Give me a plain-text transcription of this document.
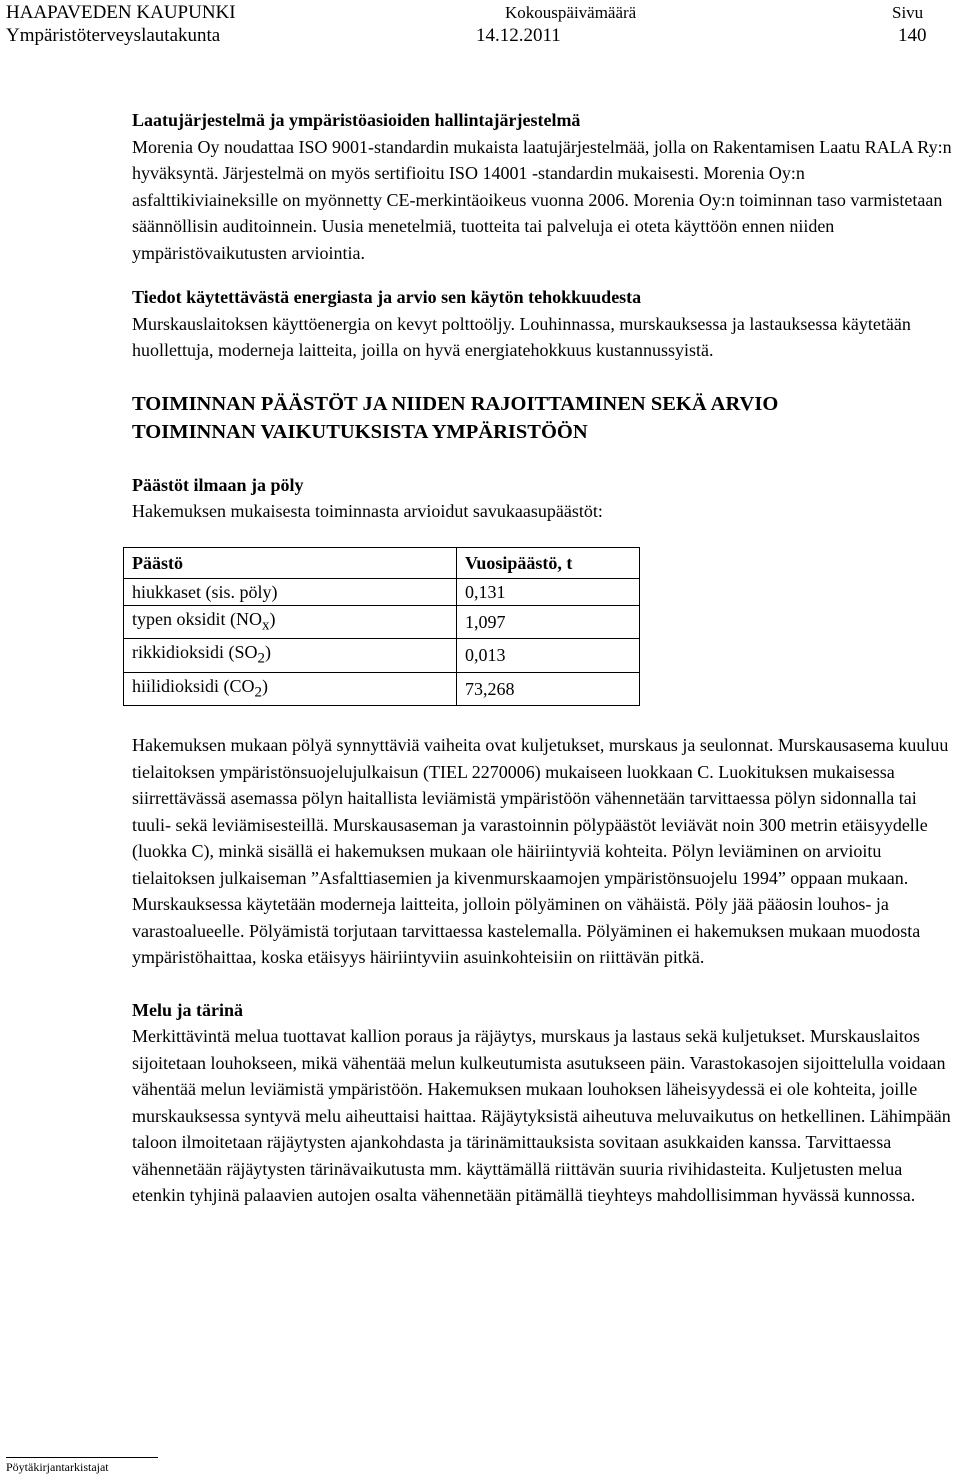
HAAPAVEDEN KAUPUNKI
Ympäristöterveyslautakunta
Kokouspäivämäärä
14.12.2011
Sivu
140
Laatujärjestelmä ja ympäristöasioiden hallintajärjestelmä

Morenia Oy noudattaa ISO 9001-standardin mukaista laatujärjestelmää, jolla on Rakentamisen Laatu RALA Ry:n hyväksyntä. Järjestelmä on myös sertifioitu ISO 14001 -standardin mukaisesti. Morenia Oy:n asfalttikiviaineksille on myönnetty CE-merkintäoikeus vuonna 2006. Morenia Oy:n toiminnan taso varmistetaan säännöllisin auditoinnein. Uusia menetelmiä, tuotteita tai palveluja ei oteta käyttöön ennen niiden ympäristövaikutusten arviointia.

Tiedot käytettävästä energiasta ja arvio sen käytön tehokkuudesta

Murskauslaitoksen käyttöenergia on kevyt polttoöljy. Louhinnassa, murskauksessa ja lastauksessa käytetään huollettuja, moderneja laitteita, joilla on hyvä energiatehokkuus kustannussyistä.

TOIMINNAN PÄÄSTÖT JA NIIDEN RAJOITTAMINEN SEKÄ ARVIO
TOIMINNAN VAIKUTUKSISTA YMPÄRISTÖÖN
Päästöt ilmaan ja pöly

Hakemuksen mukaisesta toiminnasta arvioidut savukaasupäästöt:

Päästö	Vuosipäästö, t
hiukkaset (sis. pöly)	0,131
typen oksidit $(NO_x)$	1,097
rikkidioksidi $(SO_2)$	0,013
hiilidioksidi $(CO_2)$	73,268

Hakemuksen mukaan pölyä synnyttäviä vaiheita ovat kuljetukset, murskaus ja seulonnat. Murskausasema kuuluu tielaitoksen ympäristönsuojelujulkaisun (TIEL 2270006) mukaiseen luokkaan C. Luokituksen mukaisessa siirrettävässä asemassa pölyn haitallista leviämistä ympäristöön vähennetään tarvittaessa pölyn sidonnalla tai tuuli- sekä leviämisesteillä. Murskausaseman ja varastoinnin pölypäästöt leviävät noin 300 metrin etäisyydelle (luokka C), minkä sisällä ei hakemuksen mukaan ole häiriintyviä kohteita. Pölyn leviäminen on arvioitu tielaitoksen julkaiseman ”Asfalttiasemien ja kivenmurskaamojen ympäristönsuojelu 1994” oppaan mukaan. Murskauksessa käytetään moderneja laitteita, jolloin pölyäminen on vähäistä. Pöly jää pääosin louhos- ja varastoalueelle. Pölyämistä torjutaan tarvittaessa kastelemalla. Pölyäminen ei hakemuksen mukaan muodosta ympäristöhaittaa, koska etäisyys häiriintyviin asuinkohteisiin on riittävän pitkä.

Melu ja tärinä

Merkittävintä melua tuottavat kallion poraus ja räjäytys, murskaus ja lastaus sekä kuljetukset. Murskauslaitos sijoitetaan louhokseen, mikä vähentää melun kulkeutumista asutukseen päin. Varastokasojen sijoittelulla voidaan vähentää melun leviämistä ympäristöön. Hakemuksen mukaan louhoksen läheisyydessä ei ole kohteita, joille murskauksessa syntyvä melu aiheuttaisi haittaa. Räjäytyksistä aiheutuva meluvaikutus on hetkellinen. Lähimpään taloon ilmoitetaan räjäytysten ajankohdasta ja tärinämittauksista sovitaan asukkaiden kanssa. Tarvittaessa vähennetään räjäytysten tärinävaikutusta mm. käyttämällä riittävän suuria rivihidasteita. Kuljetusten melua etenkin tyhjinä palaavien autojen osalta vähennetään pitämällä tieyhteys mahdollisimman hyvässä kunnossa.

Pöytäkirjantarkistajat
